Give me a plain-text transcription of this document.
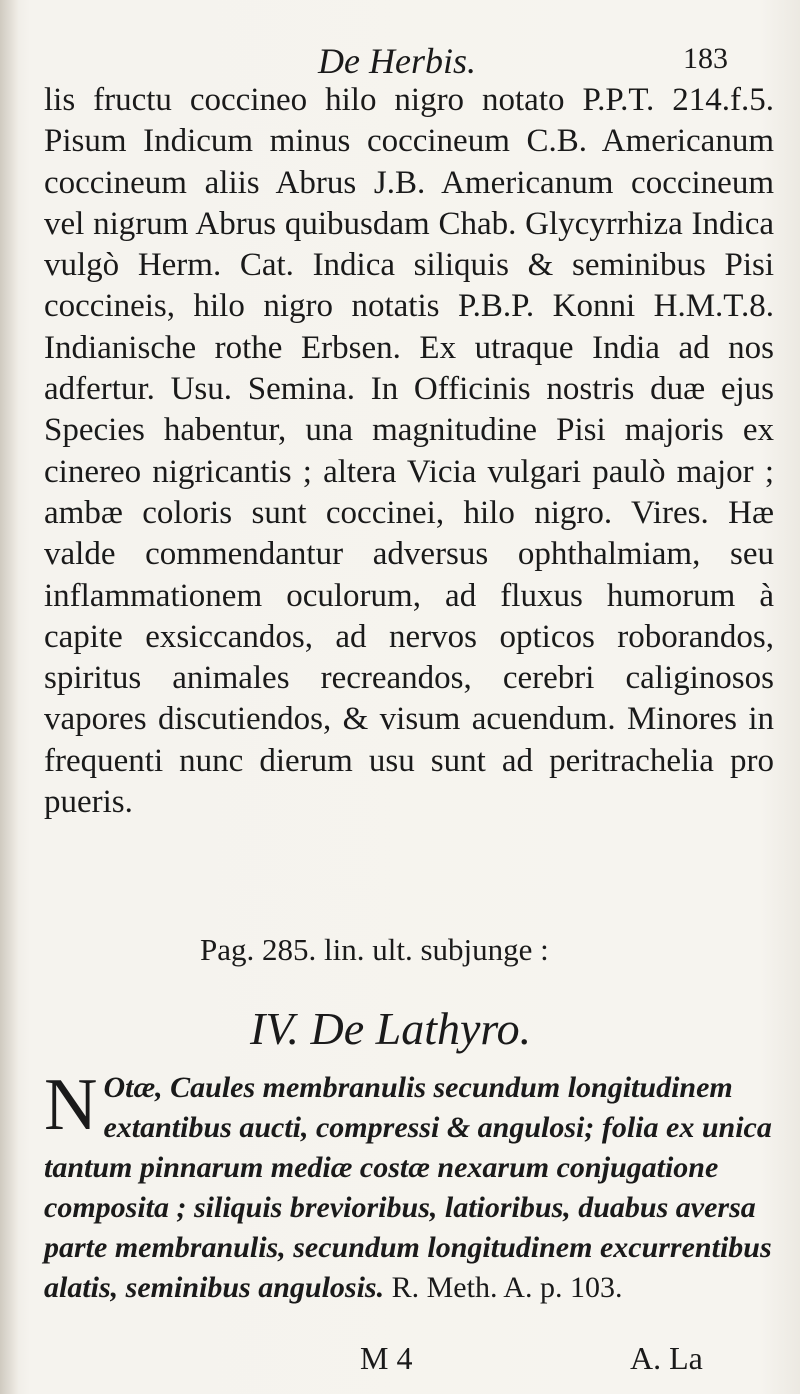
De Herbis.	183

lis fructu coccineo hilo nigro notato P.P.T. 214.f.5. Pisum Indicum minus coccineum C.B. Americanum coccineum aliis Abrus J.B. Americanum coccineum vel nigrum Abrus quibusdam Chab. Glycyrrhiza Indica vulgò Herm. Cat. Indica siliquis & seminibus Pisi coccineis, hilo nigro notatis P.B.P. Konni H.M.T.8. Indianische rothe Erbsen. Ex utraque India ad nos adfertur. Usu. Semina. In Officinis nostris duæ ejus Species habentur, una magnitudine Pisi majoris ex cinereo nigricantis ; altera Vicia vulgari paulò major ; ambæ coloris sunt coccinei, hilo nigro. Vires. Hæ valde commendantur adversus ophthalmiam, seu inflammationem oculorum, ad fluxus humorum à capite exsiccandos, ad nervos opticos roborandos, spiritus animales recreandos, cerebri caliginosos vapores discutiendos, & visum acuendum. Minores in frequenti nunc dierum usu sunt ad peritrachelia pro pueris.

Pag. 285. lin. ult. subjunge :
IV. De Lathyro.
N Otæ, Caules membranulis secundum longitudinem extantibus aucti, compressi & angulosi; folia ex unica tantum pinnarum mediæ costæ nexarum conjugatione composita ; siliquis brevioribus, latioribus, duabus aversa parte membranulis, secundum longitudinem excurrentibus alatis, seminibus angulosis. R. Meth. A. p. 103.
M 4	A. La
